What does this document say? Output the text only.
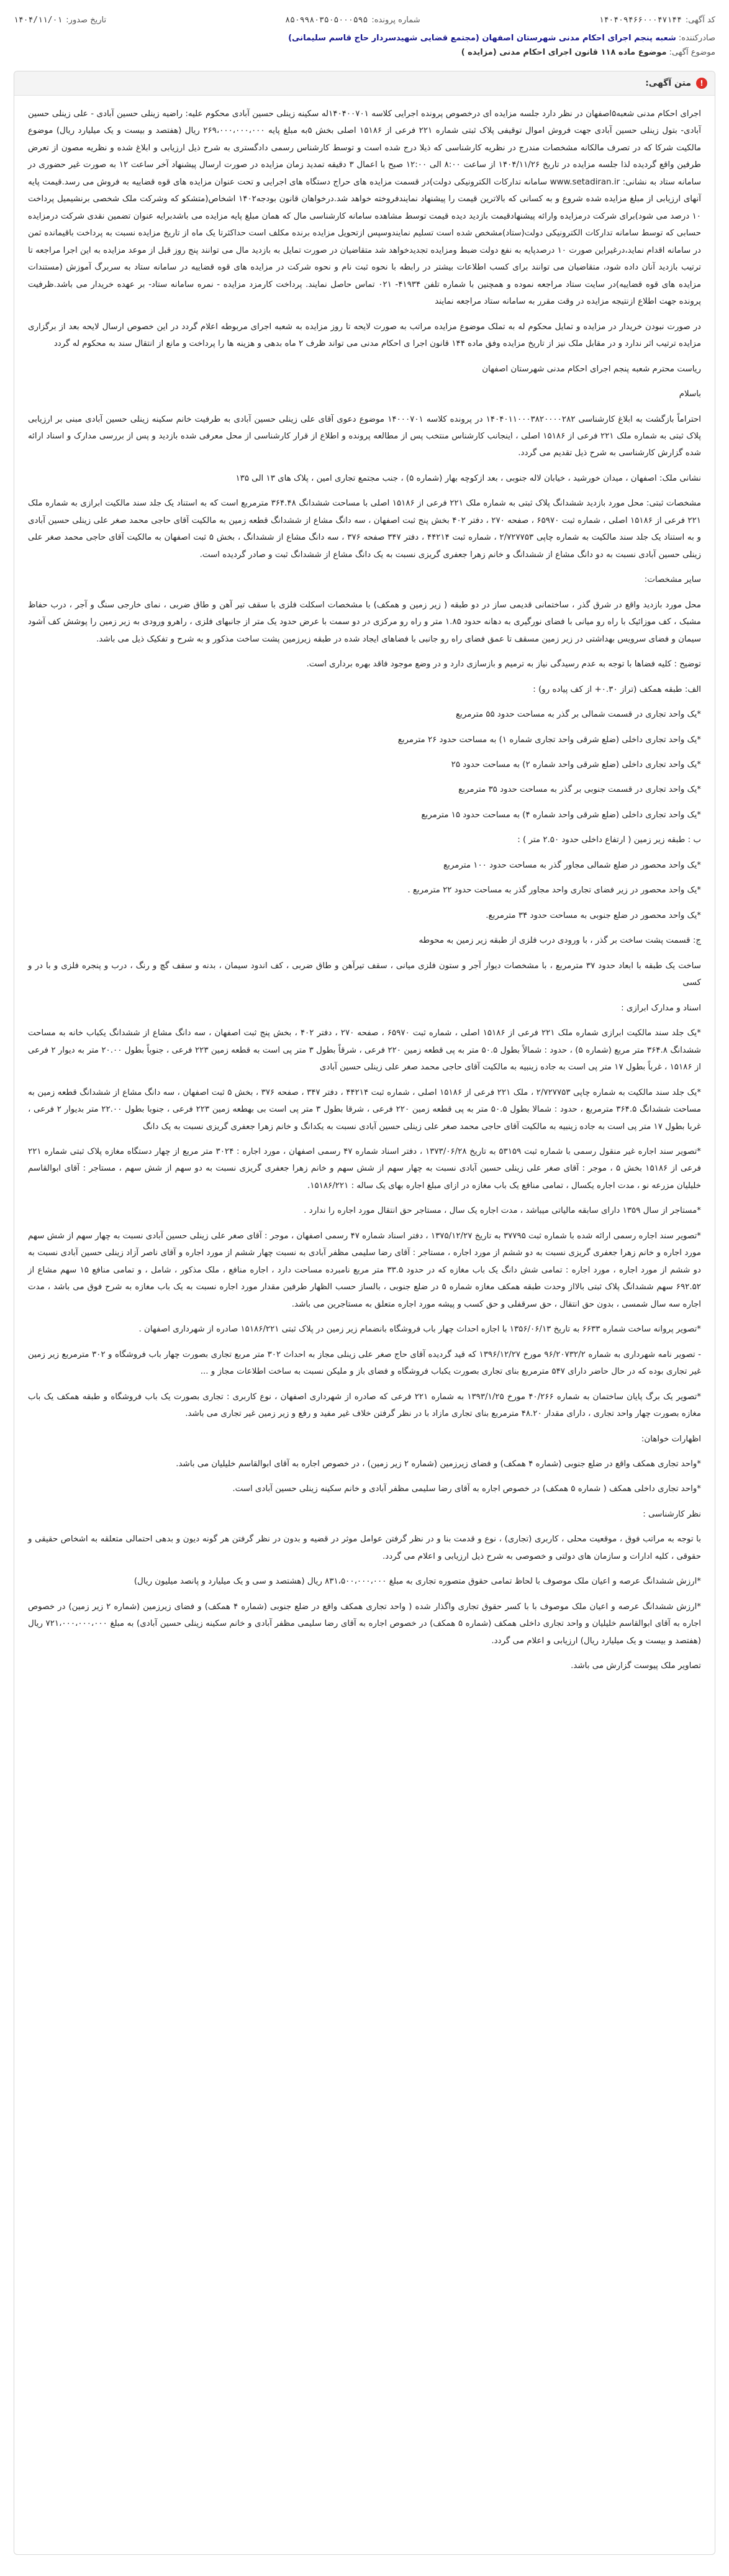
کد آگهی:
۱۴۰۴۰۹۴۶۶۰۰۰۴۷۱۴۴
شماره پرونده:
۸۵۰۹۹۸۰۳۵۰۵۰۰۰۵۹۵
تاریخ صدور:
۱۴۰۴/۱۱/۰۱
صادرکننده: شعبه پنجم اجرای احکام مدنی شهرستان اصفهان (مجتمع قضایی شهیدسردار حاج قاسم سلیمانی)
موضوع آگهی: موضوع ماده ۱۱۸ قانون اجرای احکام مدنی (مزایده )
!
متن آگهی:

اجرای احکام مدنی شعبه۵اصفهان در نظر دارد جلسه مزایده ای درخصوص پرونده اجرایی کلاسه ۱۴۰۴۰۰۷۰۱له سکینه زینلی حسین آبادی محکوم علیه: راضیه زینلی حسین آبادی - علی زینلی حسین آبادی- بتول زینلی حسین آبادی جهت فروش اموال توقیفی پلاک ثبتی شماره ۲۲۱ فرعی از ۱۵۱۸۶ اصلی بخش ۵به مبلغ پایه ۲۶۹،۰۰۰،۰۰۰،۰۰۰ ریال (هفتصد و بیست و یک میلیارد ریال) موضوع مالکیت شرکا که در تصرف مالکانه مشخصات مندرج در نظریه کارشناسی که ذیلا درج شده است و توسط کارشناس رسمی دادگستری به شرح ذیل ارزیابی و ابلاغ شده و نظریه مصون از تعرض طرفین واقع گردیده لذا جلسه مزایده در تاریخ ۱۴۰۴/۱۱/۲۶ از ساعت ۸:۰۰ الی ۱۲:۰۰ صبح با اعمال ۳ دقیقه تمدید زمان مزایده در صورت ارسال پیشنهاد آخر ساعت ۱۲ به صورت غیر حضوری در سامانه ستاد به نشانی: www.setadiran.ir سامانه تدارکات الکترونیکی دولت)در قسمت مزایده های حراج دستگاه های اجرایی و تحت عنوان مزایده های قوه قضاییه به فروش می رسد.قیمت پایه آنهای ارزیابی از مبلغ مزایده شده شروع و به کسانی که بالاترین قیمت را پیشنهاد نمایندفروخته خواهد شد.درخواهان قانون بودجه۱۴۰۲ اشخاص(متشکو که وشرکت ملک شخصی برنشیمیل پرداخت ۱۰ درصد می شود)برای شرکت درمزایده وارائه پیشنهادقیمت بازدید دیده قیمت توسط مشاهده سامانه کارشناسی مال که همان مبلغ پایه مزایده می باشدبرایه عنوان تضمین نقدی شرکت درمزایده حسابی که توسط سامانه تدارکات الکترونیکی دولت(ستاد)مشخص شده است تسلیم نمایندوسپس ازتحویل مزایده برنده مکلف است حداکثرتا یک ماه از تاریخ مزایده نسبت به پرداخت باقیمانده ثمن در سامانه اقدام نماید،درغیراین صورت ۱۰ درصدپایه به نفع دولت ضبط ومزایده تجدیدخواهد شد متقاضیان در صورت تمایل به بازدید مال می توانند پنج روز قبل از موعد مزایده به این اجرا مراجعه تا ترتیب بازدید آنان داده شود، متقاضیان می توانند برای کسب اطلاعات بیشتر در رابطه با نحوه ثبت نام و نحوه شرکت در مزایده های قوه قضاییه در سامانه ستاد به سربرگ آموزش (مستندات مزایده های قوه قضاییه)در سایت ستاد مراجعه نموده و همچنین با شماره تلفن ۴۱۹۳۴- ۰۲۱ تماس حاصل نمایند. پرداخت کارمزد مزایده - نمره سامانه ستاد- بر عهده خریدار می باشد.ظرفیت پرونده جهت اطلاع ازنتیجه مزایده در وقت مقرر به سامانه ستاد مراجعه نمایند

در صورت نبودن خریدار در مزایده و تمایل محکوم له به تملک موضوع مزایده مراتب به صورت لایحه تا روز مزایده به شعبه اجرای مربوطه اعلام گردد در این خصوص ارسال لایحه بعد از برگزاری مزایده ترتیب اثر ندارد و در مقابل ملک نیز از تاریخ مزایده وفق ماده ۱۴۴ قانون اجرا ی احکام مدنی می تواند ظرف ۲ ماه بدهی و هزینه ها را پرداخت و مانع از انتقال سند به محکوم له گردد

ریاست محترم شعبه پنجم اجرای احکام مدنی شهرستان اصفهان

باسلام

احتراماً بازگشت به ابلاغ کارشناسی ۱۴۰۴۰۱۱۰۰۰۳۸۲۰۰۰۰۲۸۲ در پرونده کلاسه ۱۴۰۰۰۷۰۱ موضوع دعوی آقای علی زینلی حسین آبادی به طرفیت خانم سکینه زینلی حسین آبادی مبنی بر ارزیابی پلاک ثبتی به شماره ملک ۲۲۱ فرعی از ۱۵۱۸۶ اصلی ، اینجانب کارشناس منتخب پس از مطالعه پرونده و اطلاع از قرار کارشناسی از محل معرفی شده بازدید و پس از بررسی مدارک و اسناد ارائه شده گزارش کارشناسی به شرح ذیل تقدیم می گردد.

نشانی ملک: اصفهان ، میدان خورشید ، خیابان لاله جنوبی ، بعد ازکوچه بهار (شماره ۵) ، جنب مجتمع تجاری امین ، پلاک های ۱۳ الی ۱۳۵

مشخصات ثبتی: محل مورد بازدید ششدانگ پلاک ثبتی به شماره ملک ۲۲۱ فرعی از ۱۵۱۸۶ اصلی با مساحت ششدانگ ۳۶۴.۴۸ مترمربع است که به استناد یک جلد سند مالکیت ابرازی به شماره ملک ۲۲۱ فرعی از ۱۵۱۸۶ اصلی ، شماره ثبت ۶۵۹۷۰ ، صفحه ۲۷۰ ، دفتر ۴۰۲ بخش پنج ثبت اصفهان ، سه دانگ مشاع از ششدانگ قطعه زمین به مالکیت آقای حاجی محمد صغر علی زینلی حسین آبادی و به استناد یک جلد سند مالکیت به شماره چاپی ۲/۷۲۷۷۵۳ ، شماره ثبت ۴۴۲۱۴ ، دفتر ۳۴۷ صفحه ۳۷۶ ، سه دانگ مشاع از ششدانگ ، بخش ۵ ثبت اصفهان به مالکیت آقای حاجی محمد صغر علی زینلی حسین آبادی نسبت به دو دانگ مشاع از ششدانگ و خانم زهرا جعفری گریزی نسبت به یک دانگ مشاع از ششدانگ ثبت و صادر گردیده است.

سایر مشخصات:

محل مورد بازدید واقع در شرق گذر ، ساختمانی قدیمی ساز در دو طبقه ( زیر زمین و همکف) با مشخصات اسکلت فلزی با سقف تیر آهن و طاق ضربی ، نمای خارجی سنگ و آجر ، درب حفاظ مشبک ، کف موزائیک با راه رو میانی با فضای نورگیری به دهانه حدود ۱.۸۵ متر و راه رو مرکزی در دو سمت با عرض حدود یک متر از جانبهای فلزی ، راهرو ورودی به زیر زمین را پوشش کف آشود سیمان و فضای سرویس بهداشتی در زیر زمین مسقف تا عمق فضای راه رو جانبی با فضاهای ایجاد شده در طبقه زیرزمین پشت ساخت مذکور و به شرح و تفکیک ذیل می باشد.

توضیح : کلیه فضاها با توجه به عدم رسیدگی نیاز به ترمیم و بازسازی دارد و در وضع موجود فاقد بهره برداری است.

الف: طبقه همکف (تراز ۰.۳۰+ از کف پیاده رو) :

*یک واحد تجاری در قسمت شمالی بر گذر به مساحت حدود ۵۵ مترمربع

*یک واحد تجاری داخلی (ضلع شرقی واحد تجاری شماره ۱) به مساحت حدود ۲۶ مترمربع

*یک واحد تجاری داخلی (ضلع شرقی واحد شماره ۲) به مساحت حدود ۲۵

*یک واحد تجاری در قسمت جنوبی بر گذر به مساحت حدود ۳۵ مترمربع

*یک واحد تجاری داخلی (ضلع شرقی واحد شماره ۴) به مساحت حدود ۱۵ مترمربع

ب : طبقه زیر زمین ( ارتفاع داخلی حدود ۲.۵۰ متر ) :

*یک واحد محصور در ضلع شمالی مجاور گذر به مساحت حدود ۱۰۰ مترمربع

*یک واحد محصور در زیر فضای تجاری واحد مجاور گذر به مساحت حدود ۲۲ مترمربع .

*یک واحد محصور در ضلع جنوبی به مساحت حدود ۳۴ مترمربع.

ج: قسمت پشت ساخت بر گذر ، با ورودی درب فلزی از طبقه زیر زمین به محوطه

ساخت یک طبقه با ابعاد حدود ۳۷ مترمربع ، با مشخصات دیوار آجر و ستون فلزی میانی ، سقف تیرآهن و طاق ضربی ، کف اندود سیمان ، بدنه و سقف گچ و رنگ ، درب و پنجره فلزی و با در و کسی

اسناد و مدارک ابرازی :

*یک جلد سند مالکیت ابرازی شماره ملک ۲۲۱ فرعی از ۱۵۱۸۶ اصلی ، شماره ثبت ۶۵۹۷۰ ، صفحه ۲۷۰ ، دفتر ۴۰۲ ، بخش پنج ثبت اصفهان ، سه دانگ مشاع از ششدانگ یکباب خانه به مساحت ششدانگ ۳۶۴.۸ متر مربع (شماره ۵) ، حدود : شمالاً بطول ۵۰.۵ متر به پی قطعه زمین ۲۲۰ فرعی ، شرقاً بطول ۳ متر پی است به قطعه زمین ۲۲۳ فرعی ، جنوباً بطول ۲۰.۰۰ متر به دیوار ۲ فرعی از ۱۵۱۸۶ ، غرباً بطول ۱۷ متر پی است به جاده زینبیه به مالکیت آقای حاجی محمد صغر علی زینلی حسین آبادی

*یک جلد سند مالکیت به شماره چاپی ۲/۷۲۷۷۵۳ ، ملک ۲۲۱ فرعی از ۱۵۱۸۶ اصلی ، شماره ثبت ۴۴۲۱۴ ، دفتر ۳۴۷ ، صفحه ۳۷۶ ، بخش ۵ ثبت اصفهان ، سه دانگ مشاع از ششدانگ قطعه زمین به مساحت ششدانگ ۳۶۴.۵ مترمربع ، حدود : شمالا بطول ۵۰.۵ متر به پی قطعه زمین ۲۲۰ فرعی ، شرقا بطول ۳ متر پی است بی بهطعه زمین ۲۲۳ فرعی ، جنوبا بطول ۲۲.۰۰ متر بدیوار ۲ فرعی ، غربا بطول ۱۷ متر پی است به جاده زینبیه به مالکیت آقای حاجی محمد صغر علی زینلی حسین آبادی نسبت به یکدانگ و خانم زهرا جعفری گریزی نسبت به یک دانگ

*تصویر سند اجاره غیر منقول رسمی با شماره ثبت ۵۳۱۵۹ به تاریخ ۱۳۷۳/۰۶/۲۸ ، دفتر اسناد شماره ۴۷ رسمی اصفهان ، مورد اجاره : ۳۰۲۴ متر مربع از چهار دستگاه مغازه پلاک ثبتی شماره ۲۲۱ فرعی از ۱۵۱۸۶ بخش ۵ ، موجر : آقای صغر علی زینلی حسین آبادی نسبت به چهار سهم از شش سهم و خانم زهرا جعفری گریزی نسبت به دو سهم از شش سهم ، مستاجر : آقای ابوالقاسم خلیلیان مزرعه نو ، مدت اجاره یکسال ، تمامی منافع یک باب مغازه در ازای مبلغ اجاره بهای یک ساله : ۱۵۱۸۶/۲۲۱.

*مستاجر از سال ۱۳۵۹ دارای سابقه مالیاتی میباشد ، مدت اجاره یک سال ، مستاجر حق انتقال مورد اجاره را ندارد .

*تصویر سند اجاره رسمی ارائه شده با شماره ثبت ۳۷۷۹۵ به تاریخ ۱۳۷۵/۱۲/۲۷ ، دفتر اسناد شماره ۴۷ رسمی اصفهان ، موجر : آقای صغر علی زینلی حسین آبادی نسبت به چهار سهم از شش سهم مورد اجاره و خانم زهرا جعفری گریزی نسبت به دو ششم از مورد اجاره ، مستاجر : آقای رضا سلیمی مظفر آبادی به نسبت چهار ششم از مورد اجاره و آقای ناصر آزاد زینلی حسین آبادی نسبت به دو ششم از مورد اجاره ، مورد اجاره : تمامی شش دانگ یک باب مغازه که در حدود ۳۳.۵ متر مربع نامبرده مساحت دارد ، اجاره منافع ، ملک مذکور ، شامل ، و تمامی منافع ۱۵ سهم مشاع از ۶۹۲.۵۲ سهم ششدانگ پلاک ثبتی بالااز وحدت طبقه همکف مغازه شماره ۵ در ضلع جنوبی ، بالساز حسب الظهار طرفین مقدار مورد اجاره نسبت به یک باب مغازه به شرح فوق می باشد ، مدت اجاره سه سال شمسی ، بدون حق انتقال ، حق سرقفلی و حق کسب و پیشه مورد اجاره متعلق به مستاجرین می باشد.

*تصویر پروانه ساخت شماره ۶۶۳۳ به تاریخ ۱۳۵۶/۰۶/۱۳ با اجازه احداث چهار باب فروشگاه بانضمام زیر زمین در پلاک ثبتی ۱۵۱۸۶/۲۲۱ صادره از شهرداری اصفهان .

- تصویر نامه شهرداری به شماره ۹۶/۲۰۷۳۲/۲ مورخ ۱۳۹۶/۱۲/۲۷ که قید گردیده آقای حاج صغر علی زینلی مجاز به احداث ۳۰۲ متر مربع تجاری بصورت چهار باب فروشگاه و ۳۰۲ مترمربع زیر زمین غیر تجاری بوده که در حال حاضر دارای ۵۴۷ مترمربع بنای تجاری بصورت یکباب فروشگاه و فضای باز و ملیکن نسبت به ساخت اطلاعات مجاز و ...

*تصویر یک برگ پایان ساختمان به شماره ۴۰/۲۶۶ مورخ ۱۳۹۳/۱/۲۵ به شماره ۲۲۱ فرعی که صادره از شهرداری اصفهان ، نوع کاربری : تجاری بصورت یک باب فروشگاه و طبقه همکف یک باب مغازه بصورت چهار واحد تجاری ، دارای مقدار ۴۸.۲۰ مترمربع بنای تجاری مازاد با در نظر گرفتن خلاف غیر مفید و رفع و زیر زمین غیر تجاری می باشد.

اظهارات خواهان:

*واحد تجاری همکف واقع در ضلع جنوبی (شماره ۴ همکف) و فضای زیرزمین (شماره ۲ زیر زمین) ، در خصوص اجاره به آقای ابوالقاسم خلیلیان می باشد.

*واحد تجاری داخلی همکف ( شماره ۵ همکف) در خصوص اجاره به آقای رضا سلیمی مظفر آبادی و خانم سکینه زینلی حسین آبادی است.

نظر کارشناسی :

با توجه به مراتب فوق ، موقعیت محلی ، کاربری (تجاری) ، نوع و قدمت بنا و در نظر گرفتن عوامل موثر در قضیه و بدون در نظر گرفتن هر گونه دیون و بدهی احتمالی متعلقه به اشخاص حقیقی و حقوقی ، کلیه ادارات و سازمان های دولتی و خصوصی به شرح ذیل ارزیابی و اعلام می گردد.

*ارزش ششدانگ عرصه و اعیان ملک موصوف با لحاظ تمامی حقوق متصوره تجاری به مبلغ ۸۳۱،۵۰۰،۰۰۰،۰۰۰ ریال (هشتصد و سی و یک میلیارد و پانصد میلیون ریال)

*ارزش ششدانگ عرصه و اعیان ملک موصوف با با کسر حقوق تجاری واگذار شده ( واحد تجاری همکف واقع در ضلع جنوبی (شماره ۴ همکف) و فضای زیرزمین (شماره ۲ زیر زمین) در خصوص اجاره به آقای ابوالقاسم خلیلیان و واحد تجاری داخلی همکف (شماره ۵ همکف) در خصوص اجاره به آقای رضا سلیمی مظفر آبادی و خانم سکینه زینلی حسین آبادی) به مبلغ ۷۲۱،۰۰۰،۰۰۰،۰۰۰ ریال (هفتصد و بیست و یک میلیارد ریال) ارزیابی و اعلام می گردد.

تصاویر ملک پیوست گزارش می باشد.
